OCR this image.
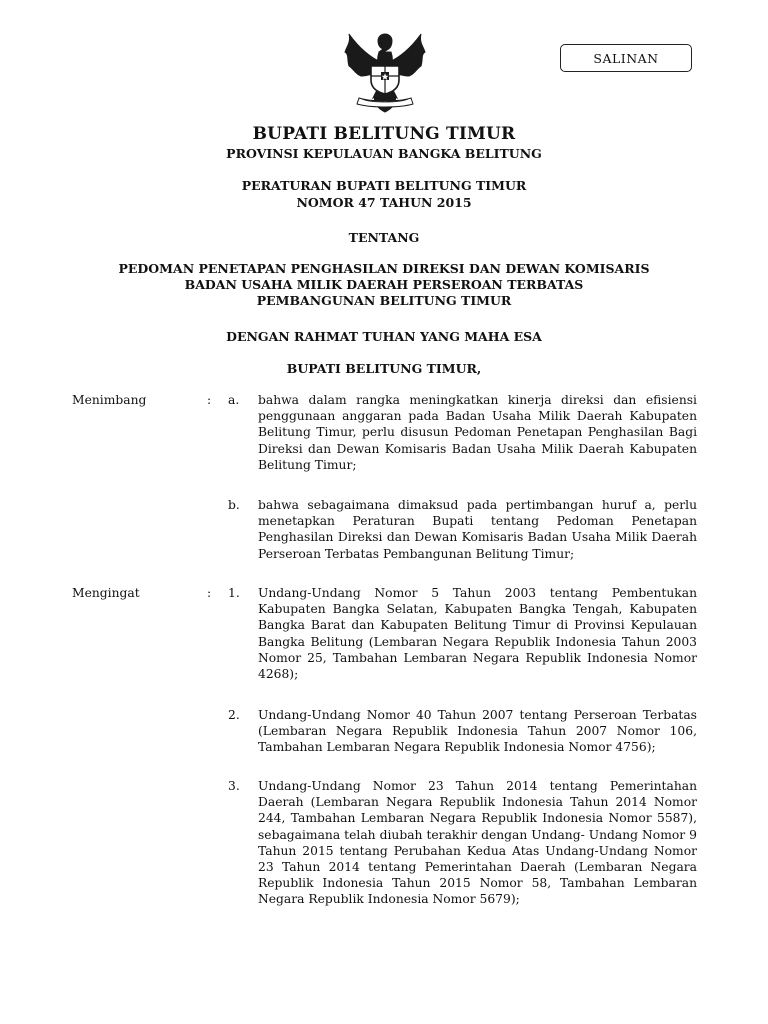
SALINAN
BUPATI BELITUNG TIMUR
PROVINSI KEPULAUAN BANGKA BELITUNG
PERATURAN BUPATI BELITUNG TIMUR
NOMOR 47 TAHUN 2015
TENTANG
PEDOMAN PENETAPAN PENGHASILAN DIREKSI DAN DEWAN KOMISARIS
BADAN USAHA MILIK DAERAH PERSEROAN TERBATAS
PEMBANGUNAN BELITUNG TIMUR
DENGAN RAHMAT TUHAN YANG MAHA ESA
BUPATI BELITUNG TIMUR,
Menimbang	: a. bahwa dalam rangka meningkatkan kinerja direksi dan efisiensi penggunaan anggaran pada Badan Usaha Milik Daerah Kabupaten Belitung Timur, perlu disusun Pedoman Penetapan Penghasilan Bagi Direksi dan Dewan Komisaris Badan Usaha Milik Daerah Kabupaten Belitung Timur;
b. bahwa sebagaimana dimaksud pada pertimbangan huruf a, perlu menetapkan Peraturan Bupati tentang Pedoman Penetapan Penghasilan Direksi dan Dewan Komisaris Badan Usaha Milik Daerah Perseroan Terbatas Pembangunan Belitung Timur;
Mengingat	: 1. Undang-Undang Nomor 5 Tahun 2003 tentang Pembentukan Kabupaten Bangka Selatan, Kabupaten Bangka Tengah, Kabupaten Bangka Barat dan Kabupaten Belitung Timur di Provinsi Kepulauan Bangka Belitung (Lembaran Negara Republik Indonesia Tahun 2003 Nomor 25, Tambahan Lembaran Negara Republik Indonesia Nomor 4268);
2. Undang-Undang Nomor 40 Tahun 2007 tentang Perseroan Terbatas (Lembaran Negara Republik Indonesia Tahun 2007 Nomor 106, Tambahan Lembaran Negara Republik Indonesia Nomor 4756);
3. Undang-Undang Nomor 23 Tahun 2014 tentang Pemerintahan Daerah (Lembaran Negara Republik Indonesia Tahun 2014 Nomor 244, Tambahan Lembaran Negara Republik Indonesia Nomor 5587), sebagaimana telah diubah terakhir dengan Undang- Undang Nomor 9 Tahun 2015 tentang Perubahan Kedua Atas Undang-Undang Nomor 23 Tahun 2014 tentang Pemerintahan Daerah (Lembaran Negara Republik Indonesia Tahun 2015 Nomor 58, Tambahan Lembaran Negara Republik Indonesia Nomor 5679);
